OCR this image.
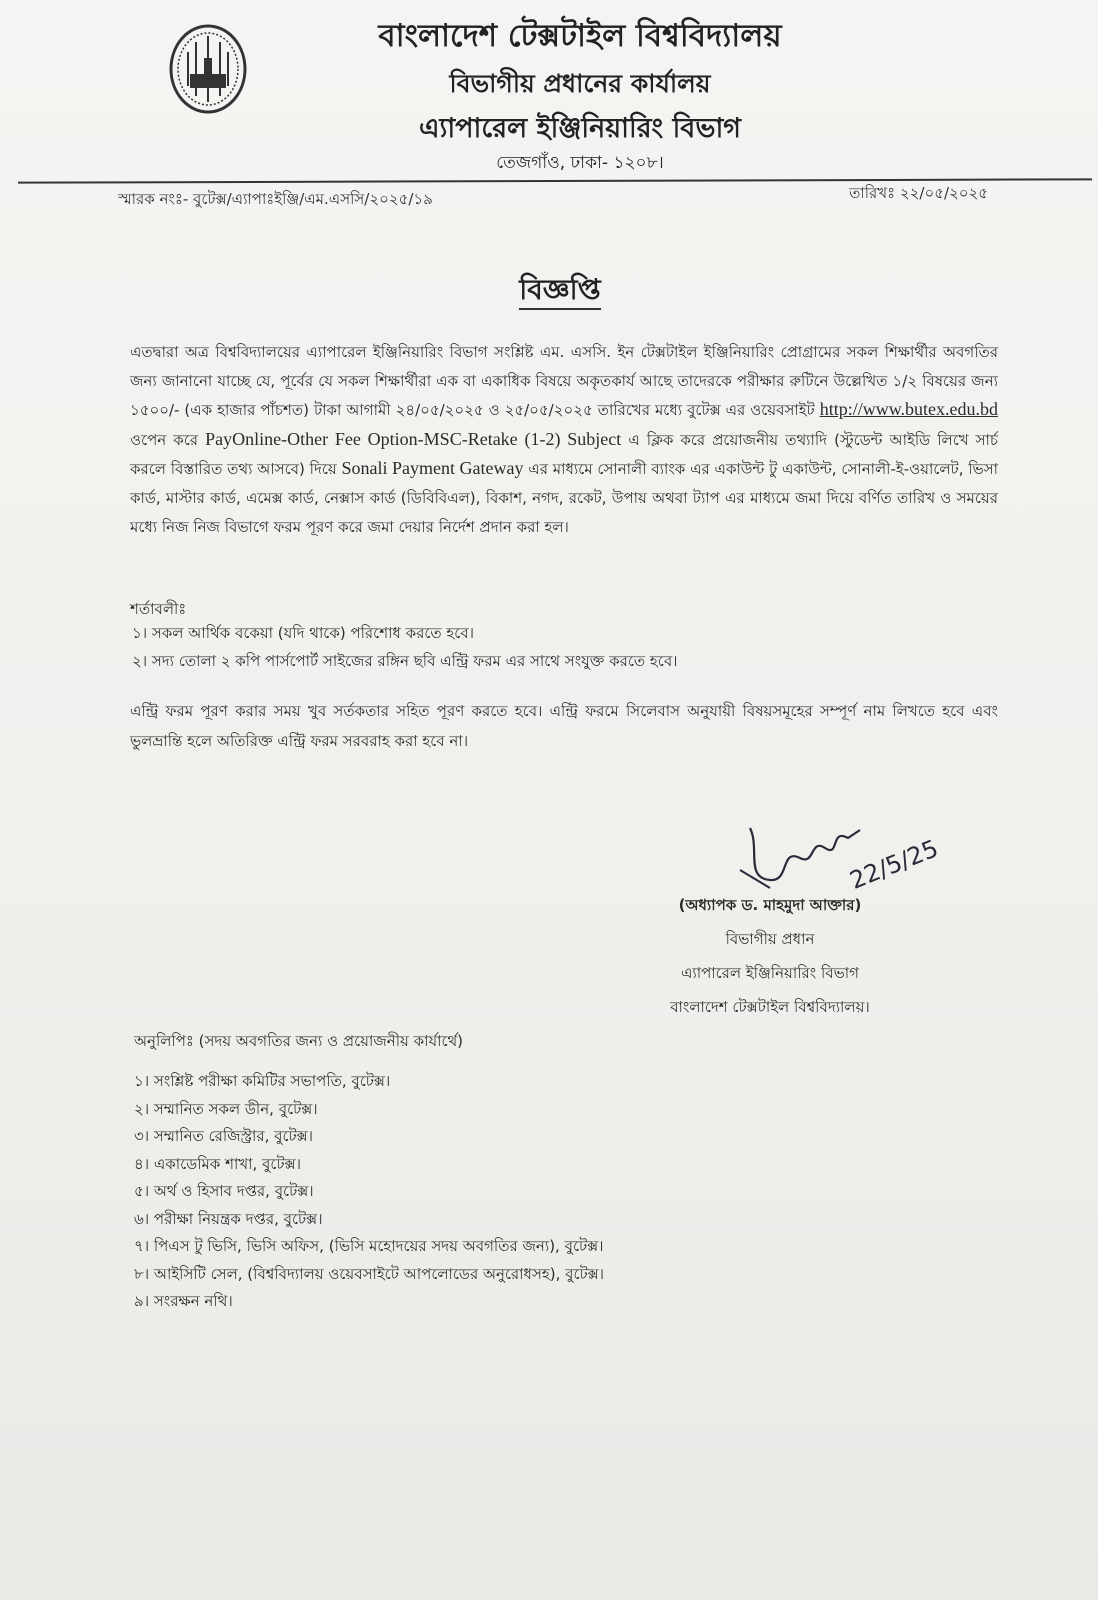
বাংলাদেশ টেক্সটাইল বিশ্ববিদ্যালয়
বিভাগীয় প্রধানের কার্যালয়
এ্যাপারেল ইঞ্জিনিয়ারিং বিভাগ
তেজগাঁও, ঢাকা- ১২০৮।
স্মারক নংঃ- বুটেক্স/এ্যাপাঃইঞ্জি/এম.এসসি/২০২৫/১৯	তারিখঃ ২২/০৫/২০২৫
বিজ্ঞপ্তি
এতদ্বারা অত্র বিশ্ববিদ্যালয়ের এ্যাপারেল ইঞ্জিনিয়ারিং বিভাগ সংশ্লিষ্ট এম. এসসি. ইন টেক্সটাইল ইঞ্জিনিয়ারিং প্রোগ্রামের সকল শিক্ষার্থীর অবগতির জন্য জানানো যাচ্ছে যে, পূর্বের যে সকল শিক্ষার্থীরা এক বা একাধিক বিষয়ে অকৃতকার্য আছে তাদেরকে পরীক্ষার রুটিনে উল্লেখিত ১/২ বিষয়ের জন্য ১৫০০/- (এক হাজার পাঁচশত) টাকা আগামী ২৪/০৫/২০২৫ ও ২৫/০৫/২০২৫ তারিখের মধ্যে বুটেক্স এর ওয়েবসাইট http://www.butex.edu.bd ওপেন করে PayOnline-Other Fee Option-MSC-Retake (1-2) Subject এ ক্লিক করে প্রয়োজনীয় তথ্যাদি (স্টুডেন্ট আইডি লিখে সার্চ করলে বিস্তারিত তথ্য আসবে) দিয়ে Sonali Payment Gateway এর মাধ্যমে সোনালী ব্যাংক এর একাউন্ট টু একাউন্ট, সোনালী-ই-ওয়ালেট, ভিসা কার্ড, মাস্টার কার্ড, এমেক্স কার্ড, নেক্সাস কার্ড (ডিবিবিএল), বিকাশ, নগদ, রকেট, উপায় অথবা ট্যাপ এর মাধ্যমে জমা দিয়ে বর্ণিত তারিখ ও সময়ের মধ্যে নিজ নিজ বিভাগে ফরম পূরণ করে জমা দেয়ার নির্দেশ প্রদান করা হল।
শর্তাবলীঃ
১। সকল আর্থিক বকেয়া (যদি থাকে) পরিশোধ করতে হবে।
২। সদ্য তোলা ২ কপি পার্সপোর্ট সাইজের রঙ্গিন ছবি এন্ট্রি ফরম এর সাথে সংযুক্ত করতে হবে।
এন্ট্রি ফরম পূরণ করার সময় খুব সর্তকতার সহিত পূরণ করতে হবে। এন্ট্রি ফরমে সিলেবাস অনুযায়ী বিষয়সমূহের সম্পূর্ণ নাম লিখতে হবে এবং ভুলভ্রান্তি হলে অতিরিক্ত এন্ট্রি ফরম সরবরাহ করা হবে না।
22/5/25
(অধ্যাপক ড. মাহমুদা আক্তার)
বিভাগীয় প্রধান
এ্যাপারেল ইঞ্জিনিয়ারিং বিভাগ
বাংলাদেশ টেক্সটাইল বিশ্ববিদ্যালয়।
অনুলিপিঃ (সদয় অবগতির জন্য ও প্রয়োজনীয় কার্যার্থে)
১। সংশ্লিষ্ট পরীক্ষা কমিটির সভাপতি, বুটেক্স।
২। সম্মানিত সকল ডীন, বুটেক্স।
৩। সম্মানিত রেজিস্ট্রার, বুটেক্স।
৪। একাডেমিক শাখা, বুটেক্স।
৫। অর্থ ও হিসাব দপ্তর, বুটেক্স।
৬। পরীক্ষা নিয়ন্ত্রক দপ্তর, বুটেক্স।
৭। পিএস টু ভিসি, ভিসি অফিস, (ভিসি মহোদয়ের সদয় অবগতির জন্য), বুটেক্স।
৮। আইসিটি সেল, (বিশ্ববিদ্যালয় ওয়েবসাইটে আপলোডের অনুরোধসহ), বুটেক্স।
৯। সংরক্ষন নথি।
